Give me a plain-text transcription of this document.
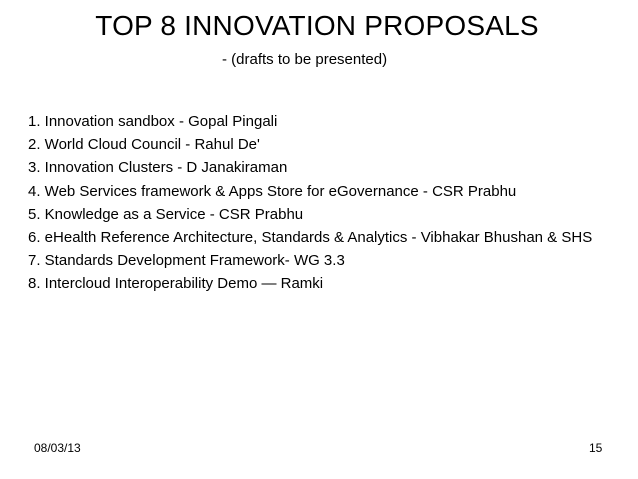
TOP 8 INNOVATION PROPOSALS
- (drafts to be presented)
1. Innovation sandbox - Gopal Pingali
2. World Cloud Council - Rahul De'
3. Innovation Clusters - D Janakiraman
4. Web Services framework & Apps Store for eGovernance - CSR Prabhu
5. Knowledge as a Service - CSR Prabhu
6. eHealth Reference Architecture, Standards & Analytics - Vibhakar Bhushan & SHS
7. Standards Development Framework- WG 3.3
8. Intercloud Interoperability Demo — Ramki
08/03/13	15
